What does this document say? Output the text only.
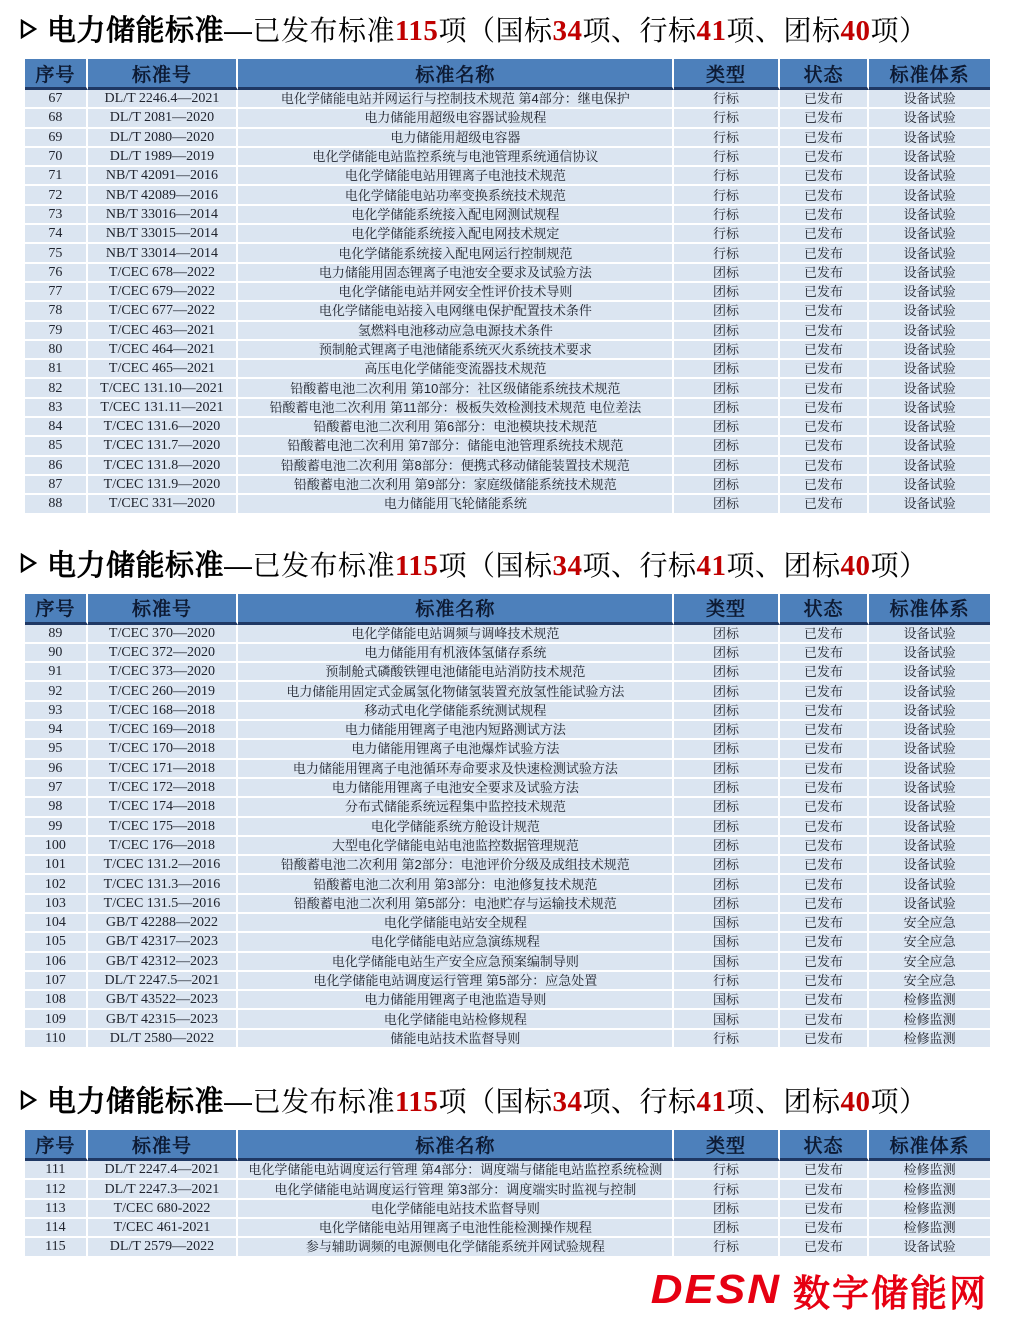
电力储能标准—已发布标准115项（国标34项、行标41项、团标40项）
序号	标准号	标准名称	类型	状态	标准体系
67	DL/T 2246.4—2021	电化学储能电站并网运行与控制技术规范 第4部分：继电保护	行标	已发布	设备试验
68	DL/T 2081—2020	电力储能用超级电容器试验规程	行标	已发布	设备试验
69	DL/T 2080—2020	电力储能用超级电容器	行标	已发布	设备试验
70	DL/T 1989—2019	电化学储能电站监控系统与电池管理系统通信协议	行标	已发布	设备试验
71	NB/T 42091—2016	电化学储能电站用锂离子电池技术规范	行标	已发布	设备试验
72	NB/T 42089—2016	电化学储能电站功率变换系统技术规范	行标	已发布	设备试验
73	NB/T 33016—2014	电化学储能系统接入配电网测试规程	行标	已发布	设备试验
74	NB/T 33015—2014	电化学储能系统接入配电网技术规定	行标	已发布	设备试验
75	NB/T 33014—2014	电化学储能系统接入配电网运行控制规范	行标	已发布	设备试验
76	T/CEC 678—2022	电力储能用固态锂离子电池安全要求及试验方法	团标	已发布	设备试验
77	T/CEC 679—2022	电化学储能电站并网安全性评价技术导则	团标	已发布	设备试验
78	T/CEC 677—2022	电化学储能电站接入电网继电保护配置技术条件	团标	已发布	设备试验
79	T/CEC 463—2021	氢燃料电池移动应急电源技术条件	团标	已发布	设备试验
80	T/CEC 464—2021	预制舱式锂离子电池储能系统灭火系统技术要求	团标	已发布	设备试验
81	T/CEC 465—2021	高压电化学储能变流器技术规范	团标	已发布	设备试验
82	T/CEC 131.10—2021	铅酸蓄电池二次利用 第10部分：社区级储能系统技术规范	团标	已发布	设备试验
83	T/CEC 131.11—2021	铅酸蓄电池二次利用 第11部分：极板失效检测技术规范 电位差法	团标	已发布	设备试验
84	T/CEC 131.6—2020	铅酸蓄电池二次利用 第6部分：电池模块技术规范	团标	已发布	设备试验
85	T/CEC 131.7—2020	铅酸蓄电池二次利用 第7部分：储能电池管理系统技术规范	团标	已发布	设备试验
86	T/CEC 131.8—2020	铅酸蓄电池二次利用 第8部分：便携式移动储能装置技术规范	团标	已发布	设备试验
87	T/CEC 131.9—2020	铅酸蓄电池二次利用 第9部分：家庭级储能系统技术规范	团标	已发布	设备试验
88	T/CEC 331—2020	电力储能用飞轮储能系统	团标	已发布	设备试验
电力储能标准—已发布标准115项（国标34项、行标41项、团标40项）
序号	标准号	标准名称	类型	状态	标准体系
89	T/CEC 370—2020	电化学储能电站调频与调峰技术规范	团标	已发布	设备试验
90	T/CEC 372—2020	电力储能用有机液体氢储存系统	团标	已发布	设备试验
91	T/CEC 373—2020	预制舱式磷酸铁锂电池储能电站消防技术规范	团标	已发布	设备试验
92	T/CEC 260—2019	电力储能用固定式金属氢化物储氢装置充放氢性能试验方法	团标	已发布	设备试验
93	T/CEC 168—2018	移动式电化学储能系统测试规程	团标	已发布	设备试验
94	T/CEC 169—2018	电力储能用锂离子电池内短路测试方法	团标	已发布	设备试验
95	T/CEC 170—2018	电力储能用锂离子电池爆炸试验方法	团标	已发布	设备试验
96	T/CEC 171—2018	电力储能用锂离子电池循环寿命要求及快速检测试验方法	团标	已发布	设备试验
97	T/CEC 172—2018	电力储能用锂离子电池安全要求及试验方法	团标	已发布	设备试验
98	T/CEC 174—2018	分布式储能系统远程集中监控技术规范	团标	已发布	设备试验
99	T/CEC 175—2018	电化学储能系统方舱设计规范	团标	已发布	设备试验
100	T/CEC 176—2018	大型电化学储能电站电池监控数据管理规范	团标	已发布	设备试验
101	T/CEC 131.2—2016	铅酸蓄电池二次利用 第2部分：电池评价分级及成组技术规范	团标	已发布	设备试验
102	T/CEC 131.3—2016	铅酸蓄电池二次利用 第3部分：电池修复技术规范	团标	已发布	设备试验
103	T/CEC 131.5—2016	铅酸蓄电池二次利用 第5部分：电池贮存与运输技术规范	团标	已发布	设备试验
104	GB/T 42288—2022	电化学储能电站安全规程	国标	已发布	安全应急
105	GB/T 42317—2023	电化学储能电站应急演练规程	国标	已发布	安全应急
106	GB/T 42312—2023	电化学储能电站生产安全应急预案编制导则	国标	已发布	安全应急
107	DL/T 2247.5—2021	电化学储能电站调度运行管理 第5部分：应急处置	行标	已发布	安全应急
108	GB/T 43522—2023	电力储能用锂离子电池监造导则	国标	已发布	检修监测
109	GB/T 42315—2023	电化学储能电站检修规程	国标	已发布	检修监测
110	DL/T 2580—2022	储能电站技术监督导则	行标	已发布	检修监测
电力储能标准—已发布标准115项（国标34项、行标41项、团标40项）
序号	标准号	标准名称	类型	状态	标准体系
111	DL/T 2247.4—2021	电化学储能电站调度运行管理 第4部分：调度端与储能电站监控系统检测	行标	已发布	检修监测
112	DL/T 2247.3—2021	电化学储能电站调度运行管理 第3部分：调度端实时监视与控制	行标	已发布	检修监测
113	T/CEC 680-2022	电化学储能电站技术监督导则	团标	已发布	检修监测
114	T/CEC 461-2021	电化学储能电站用锂离子电池性能检测操作规程	团标	已发布	检修监测
115	DL/T 2579—2022	参与辅助调频的电源侧电化学储能系统并网试验规程	行标	已发布	设备试验
DESN 数字储能网
